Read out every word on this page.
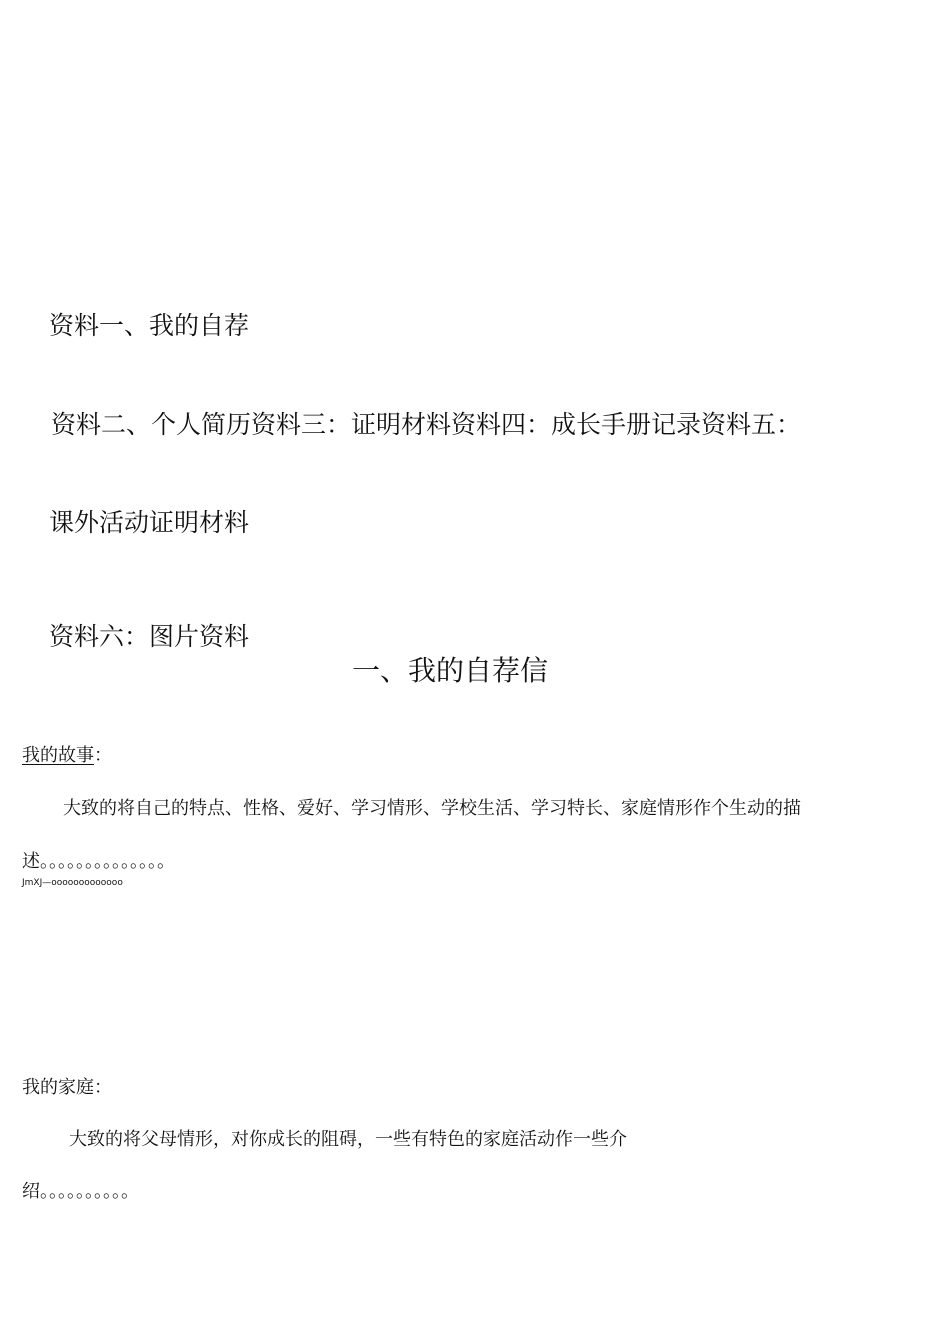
资料一、我的自荐
资料二、个人简历资料三：证明材料资料四：成长手册记录资料五：
课外活动证明材料
资料六：图片资料
一、我的自荐信
我的故事：
大致的将自己的特点、性格、爱好、学习情形、学校生活、学习特长、家庭情形作个生动的描
述。。。。。。。。。。。。。。
JmXJ—ooooooooooooo
我的家庭：
大致的将父母情形，对你成长的阻碍，一些有特色的家庭活动作一些介
绍。。。。。。。。。。
